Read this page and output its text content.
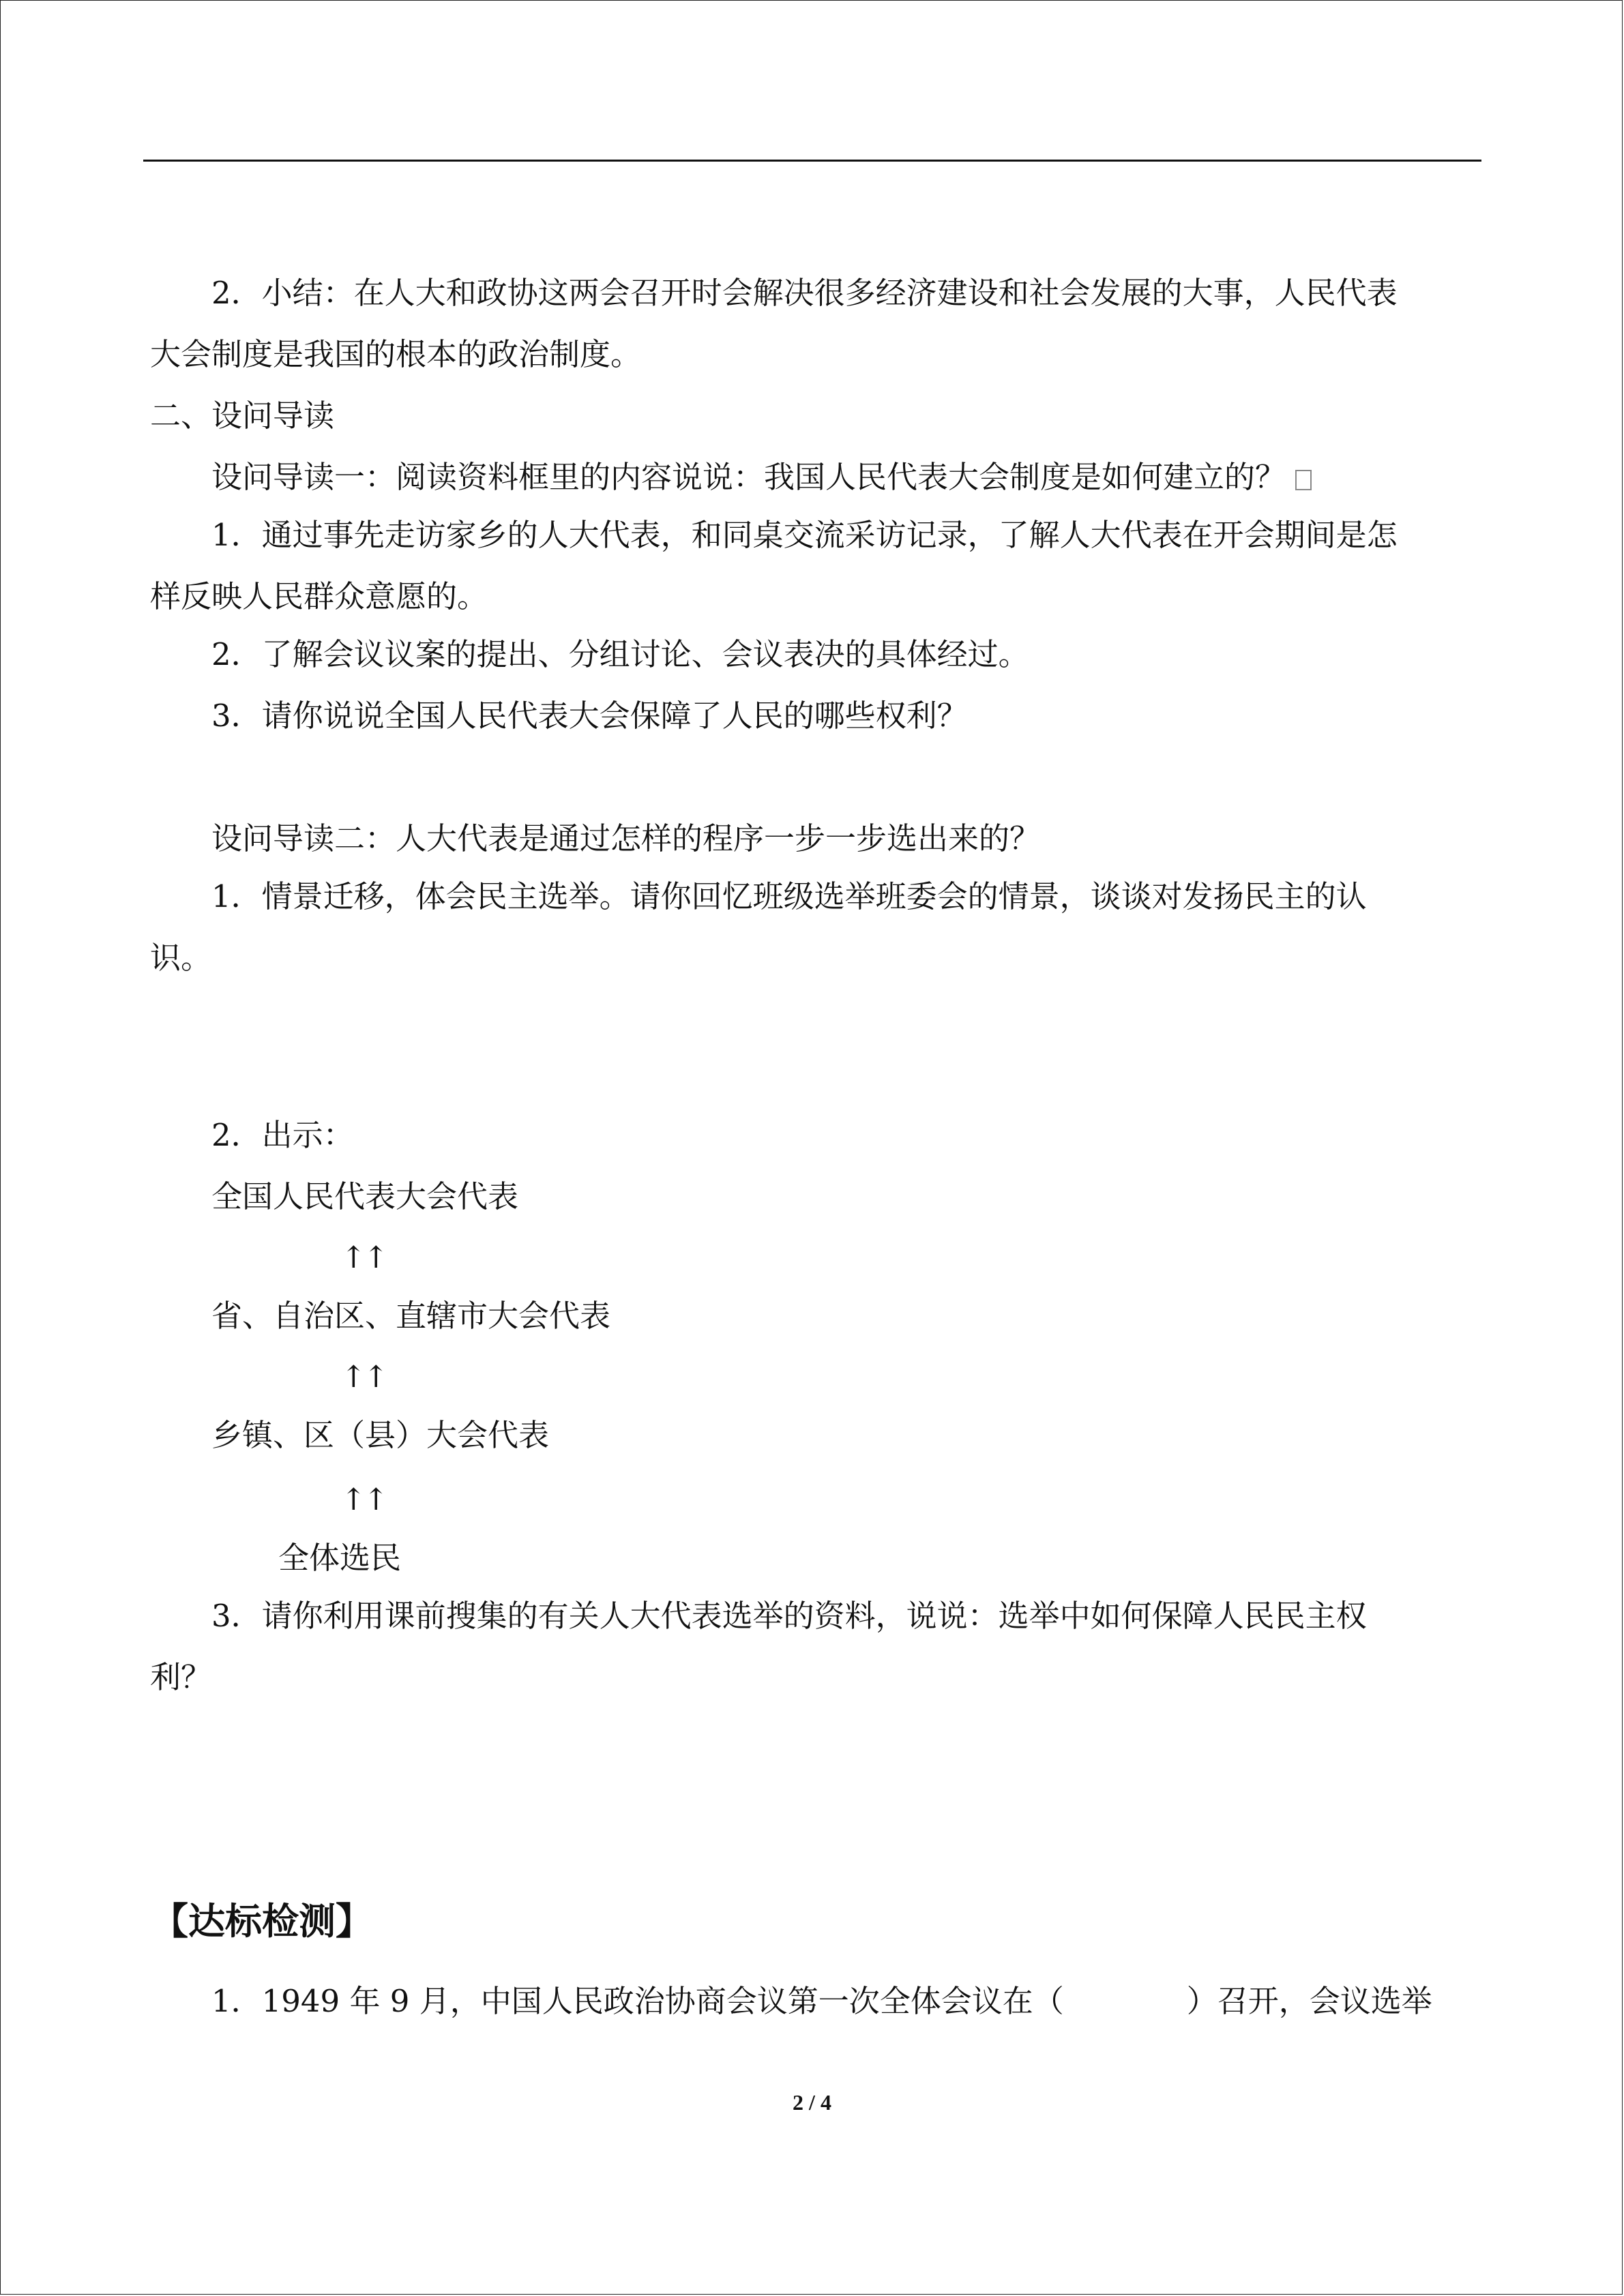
2．小结：在人大和政协这两会召开时会解决很多经济建设和社会发展的大事，人民代表
大会制度是我国的根本的政治制度。
二、设问导读
设问导读一：阅读资料框里的内容说说：我国人民代表大会制度是如何建立的？
1．通过事先走访家乡的人大代表，和同桌交流采访记录，了解人大代表在开会期间是怎
样反映人民群众意愿的。
2．了解会议议案的提出、分组讨论、会议表决的具体经过。
3．请你说说全国人民代表大会保障了人民的哪些权利？
设问导读二：人大代表是通过怎样的程序一步一步选出来的？
1．情景迁移，体会民主选举。请你回忆班级选举班委会的情景，谈谈对发扬民主的认
识。
2．出示：
全国人民代表大会代表
↑↑
省、自治区、直辖市大会代表
↑↑
乡镇、区（县）大会代表
↑↑
全体选民
3．请你利用课前搜集的有关人大代表选举的资料，说说：选举中如何保障人民民主权
利？
【达标检测】
1．1949 年 9 月，中国人民政治协商会议第一次全体会议在（　　　　）召开，会议选举
2 / 4
